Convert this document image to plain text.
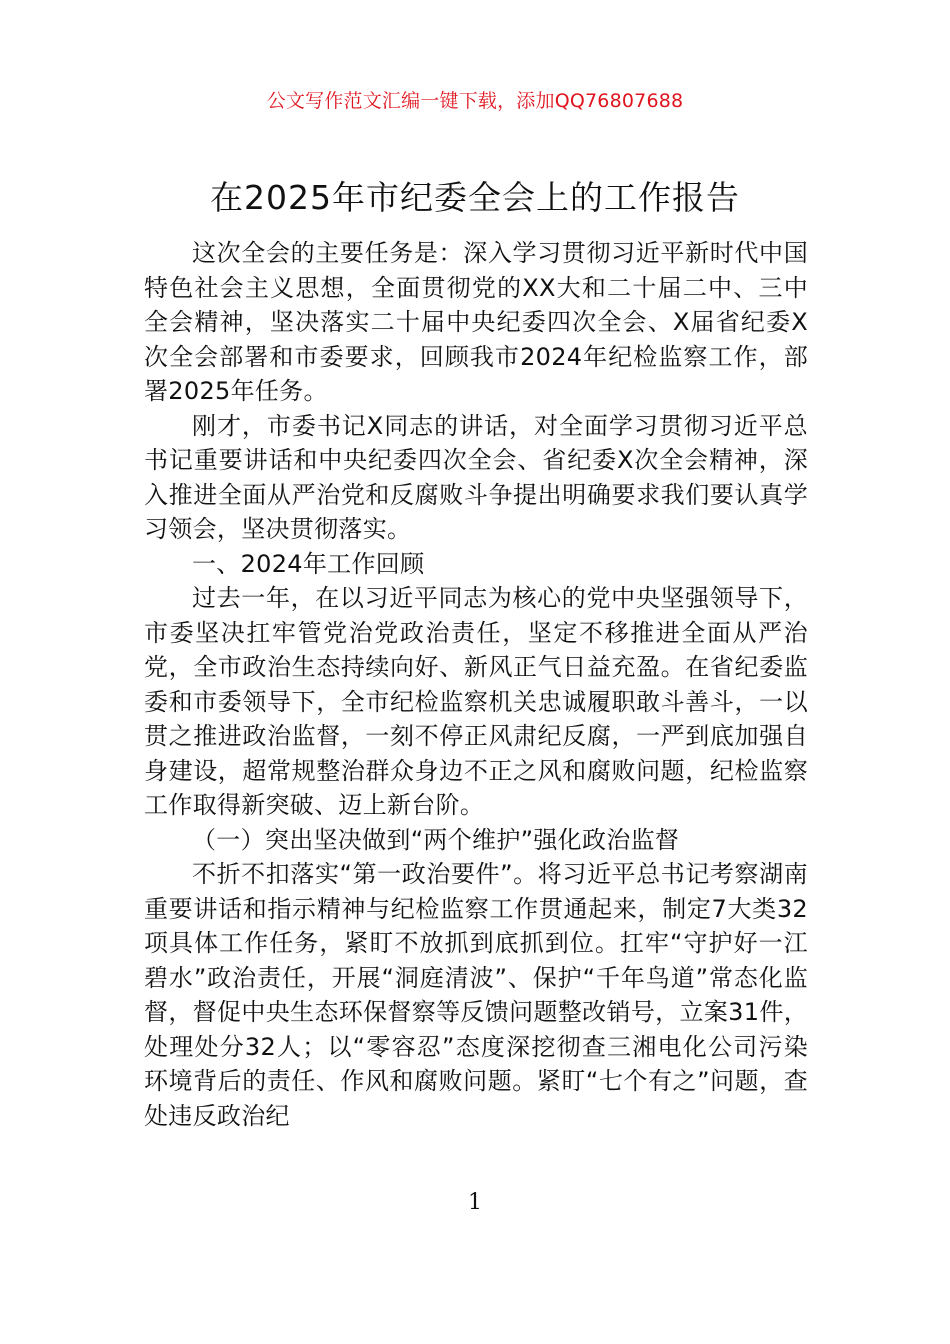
公文写作范文汇编一键下载，添加QQ76807688
在2025年市纪委全会上的工作报告

这次全会的主要任务是：深入学习贯彻习近平新时代中国特色社会主义思想，全面贯彻党的XX大和二十届二中、三中全会精神，坚决落实二十届中央纪委四次全会、X届省纪委X次全会部署和市委要求，回顾我市2024年纪检监察工作，部署2025年任务。

刚才，市委书记X同志的讲话，对全面学习贯彻习近平总书记重要讲话和中央纪委四次全会、省纪委X次全会精神，深入推进全面从严治党和反腐败斗争提出明确要求我们要认真学习领会，坚决贯彻落实。

一、2024年工作回顾

过去一年，在以习近平同志为核心的党中央坚强领导下，市委坚决扛牢管党治党政治责任，坚定不移推进全面从严治党，全市政治生态持续向好、新风正气日益充盈。在省纪委监委和市委领导下，全市纪检监察机关忠诚履职敢斗善斗，一以贯之推进政治监督，一刻不停正风肃纪反腐，一严到底加强自身建设，超常规整治群众身边不正之风和腐败问题，纪检监察工作取得新突破、迈上新台阶。

（一）突出坚决做到“两个维护”强化政治监督

不折不扣落实“第一政治要件”。将习近平总书记考察湖南重要讲话和指示精神与纪检监察工作贯通起来，制定7大类32项具体工作任务，紧盯不放抓到底抓到位。扛牢“守护好一江碧水”政治责任，开展“洞庭清波”、保护“千年鸟道”常态化监督，督促中央生态环保督察等反馈问题整改销号，立案31件，处理处分32人；以“零容忍”态度深挖彻查三湘电化公司污染环境背后的责任、作风和腐败问题。紧盯“七个有之”问题，查处违反政治纪

1
